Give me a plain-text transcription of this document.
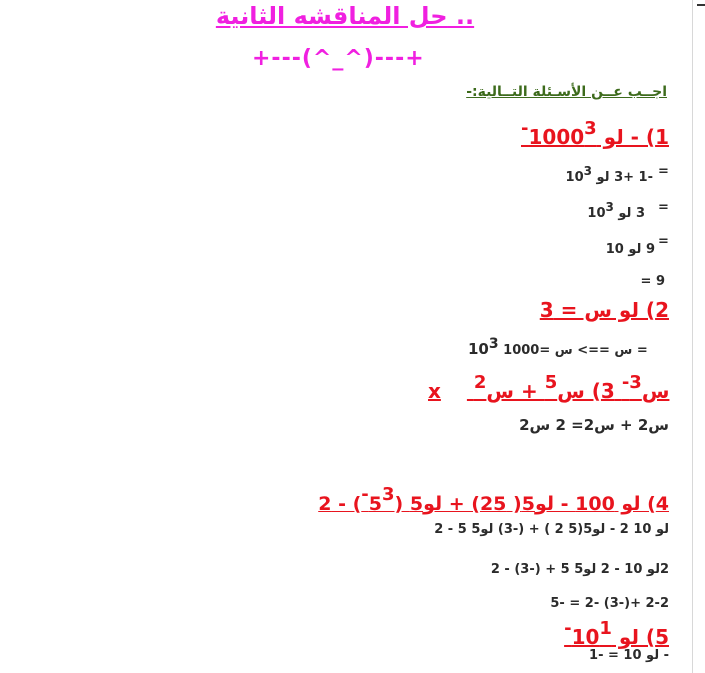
حل المناقشه الثانية ..
+---(^_^)---+
اجــب عــن الأسـئلة التــالية:-
1) - لو $1000^{3-}$
=
-1 +3 لو $10^3$
=
3 لو $10^3$
=
9 لو 10
9 =
2) لو س = 3
= س ==> س =1000 $10^3$
x	س$^{3-}$ 3) س$^5$ + س$^2$
س2 + س2= 2 س2
4) لو 100 - لو5( 25) + لو5 $(5^{3-}) - 2$
لو 10 2 - لو5(5 2 ) + (-3) لو5 5 - 2
2لو 10 - 2 لو5 5 + (-3) - 2
2-2 +(-3) -2 = -5
5) لو $10^{1-}$
- لو 10 = -1
